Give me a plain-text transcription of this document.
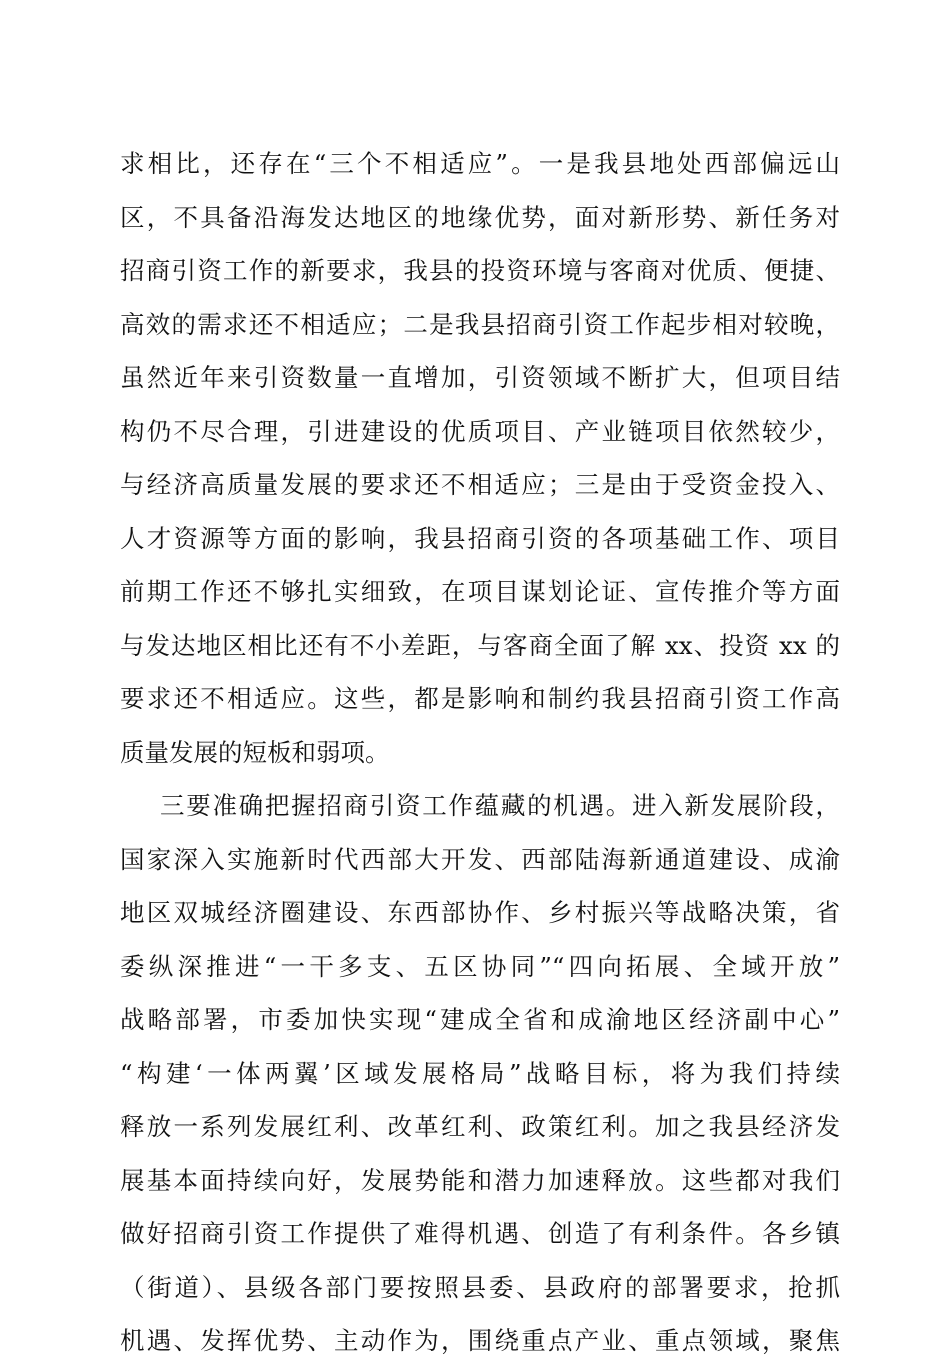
求相比，还存在“三个不相适应”。一是我县地处西部偏远山
区，不具备沿海发达地区的地缘优势，面对新形势、新任务对
招商引资工作的新要求，我县的投资环境与客商对优质、便捷、
高效的需求还不相适应；二是我县招商引资工作起步相对较晚，
虽然近年来引资数量一直增加，引资领域不断扩大，但项目结
构仍不尽合理，引进建设的优质项目、产业链项目依然较少，
与经济高质量发展的要求还不相适应；三是由于受资金投入、
人才资源等方面的影响，我县招商引资的各项基础工作、项目
前期工作还不够扎实细致，在项目谋划论证、宣传推介等方面
与发达地区相比还有不小差距，与客商全面了解 xx、投资 xx 的
要求还不相适应。这些，都是影响和制约我县招商引资工作高
质量发展的短板和弱项。
三要准确把握招商引资工作蕴藏的机遇。进入新发展阶段，
国家深入实施新时代西部大开发、西部陆海新通道建设、成渝
地区双城经济圈建设、东西部协作、乡村振兴等战略决策，省
委纵深推进“一干多支、五区协同”“四向拓展、全域开放”
战略部署，市委加快实现“建成全省和成渝地区经济副中心”
“构建‘一体两翼’区域发展格局”战略目标，将为我们持续
释放一系列发展红利、改革红利、政策红利。加之我县经济发
展基本面持续向好，发展势能和潜力加速释放。这些都对我们
做好招商引资工作提供了难得机遇、创造了有利条件。各乡镇
（街道）、县级各部门要按照县委、县政府的部署要求，抢抓
机遇、发挥优势、主动作为，围绕重点产业、重点领域，聚焦
